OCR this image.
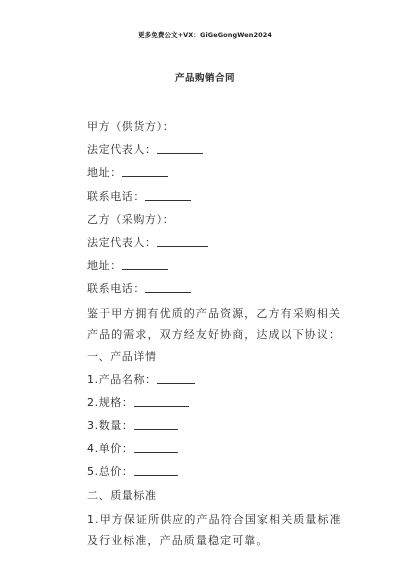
更多免费公文+VX：GiGeGongWen2024
产品购销合同
甲方（供货方）：
法定代表人：
地址：
联系电话：
乙方（采购方）：
法定代表人：
地址：
联系电话：
鉴于甲方拥有优质的产品资源，乙方有采购相关产品的需求，双方经友好协商，达成以下协议：
一、产品详情
1.产品名称：
2.规格：
3.数量：
4.单价：
5.总价：
二、质量标准
1.甲方保证所供应的产品符合国家相关质量标准及行业标准，产品质量稳定可靠。
